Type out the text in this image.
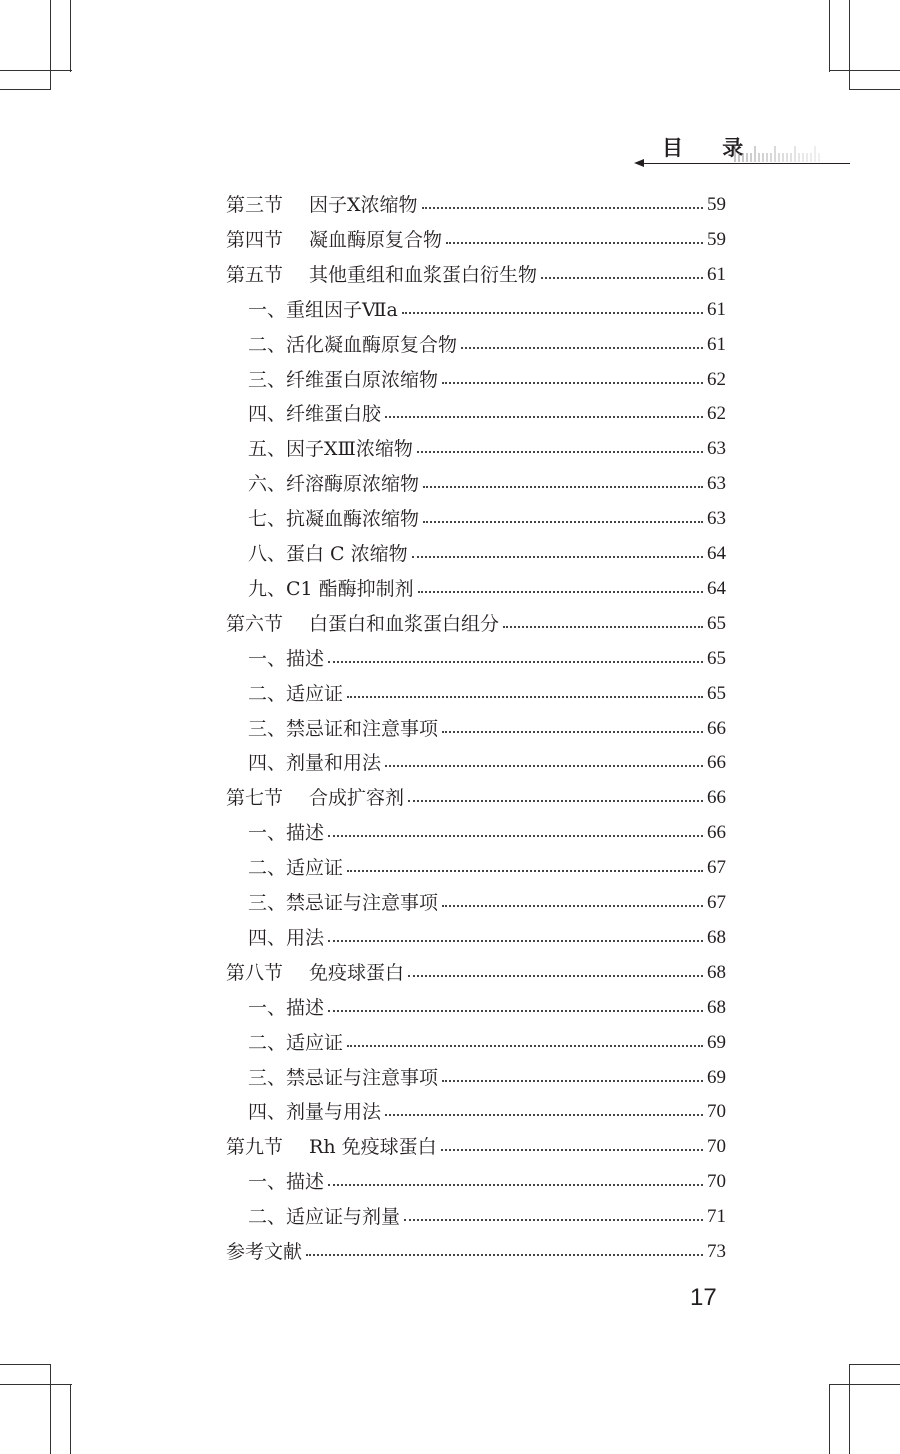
目 录
第三节 因子Ⅹ浓缩物	59
第四节 凝血酶原复合物	59
第五节 其他重组和血浆蛋白衍生物	61
一、重组因子Ⅶa	61
二、活化凝血酶原复合物	61
三、纤维蛋白原浓缩物	62
四、纤维蛋白胶	62
五、因子ⅩⅢ浓缩物	63
六、纤溶酶原浓缩物	63
七、抗凝血酶浓缩物	63
八、蛋白 C 浓缩物	64
九、C1 酯酶抑制剂	64
第六节 白蛋白和血浆蛋白组分	65
一、描述	65
二、适应证	65
三、禁忌证和注意事项	66
四、剂量和用法	66
第七节 合成扩容剂	66
一、描述	66
二、适应证	67
三、禁忌证与注意事项	67
四、用法	68
第八节 免疫球蛋白	68
一、描述	68
二、适应证	69
三、禁忌证与注意事项	69
四、剂量与用法	70
第九节 Rh 免疫球蛋白	70
一、描述	70
二、适应证与剂量	71
参考文献	73
17
